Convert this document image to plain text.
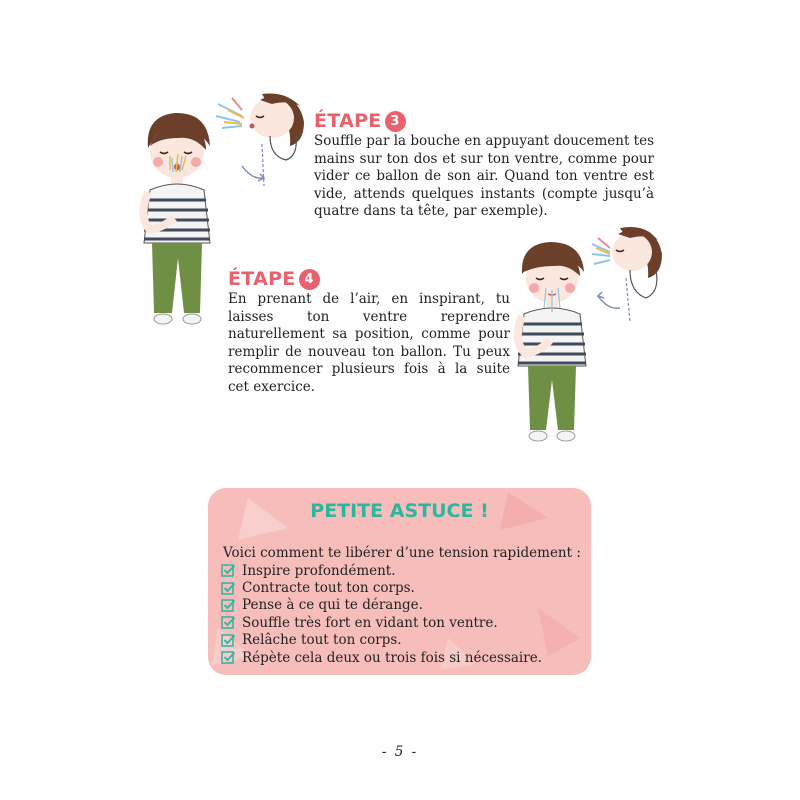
ÉTAPE 3

Souffle par la bouche en appuyant doucement tes mains sur ton dos et sur ton ventre, comme pour vider ce ballon de son air. Quand ton ventre est vide, attends quelques instants (compte jusqu’à quatre dans ta tête, par exemple).

ÉTAPE 4

En prenant de l’air, en inspirant, tu laisses ton ventre reprendre naturellement sa position, comme pour remplir de nouveau ton ballon. Tu peux recommencer plusieurs fois à la suite cet exercice.

PETITE ASTUCE !

Voici comment te libérer d’une tension rapidement :

Inspire profondément.
Contracte tout ton corps.
Pense à ce qui te dérange.
Souffle très fort en vidant ton ventre.
Relâche tout ton corps.
Répète cela deux ou trois fois si nécessaire.
- 5 -
